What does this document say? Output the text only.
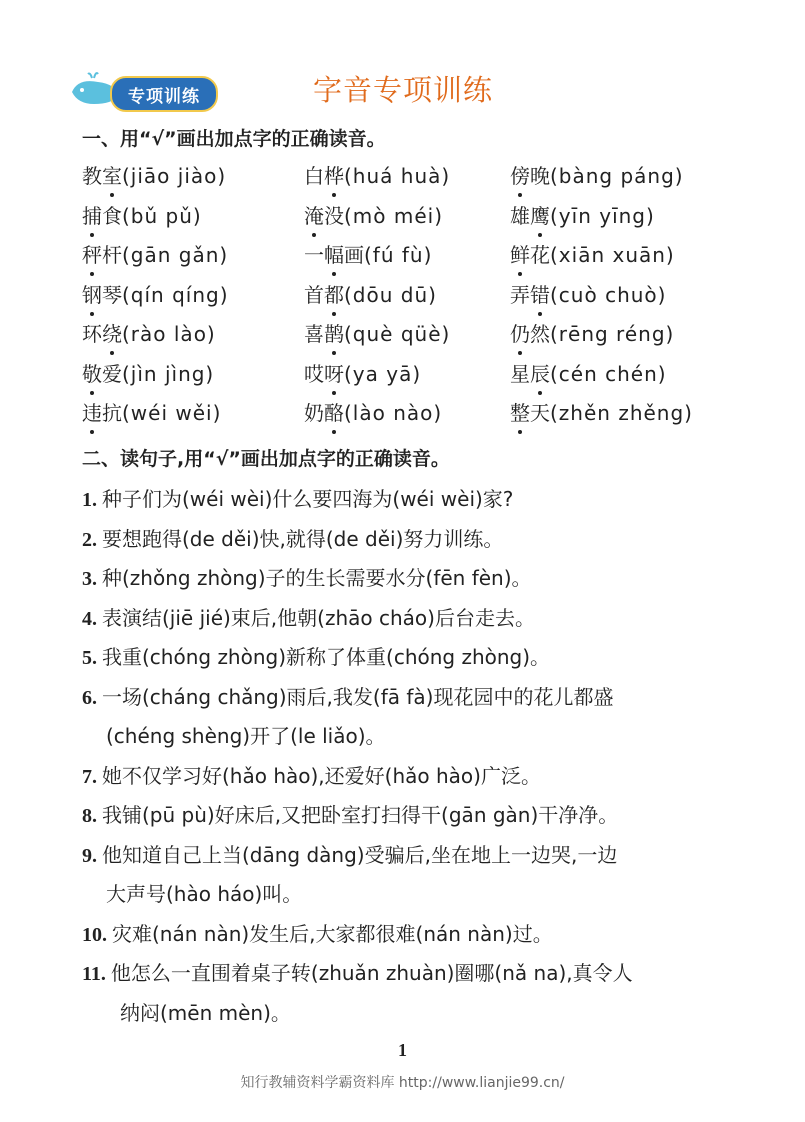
专项训练	字音专项训练
一、用“√”画出加点字的正确读音。
教室(jiāo jiào)	白桦(huá huà)	傍晚(bàng páng)
捕食(bǔ pǔ)	淹没(mò méi)	雄鹰(yīn yīng)
秤杆(gān gǎn)	一幅画(fú fù)	鲜花(xiān xuān)
钢琴(qín qíng)	首都(dōu dū)	弄错(cuò chuò)
环绕(rào lào)	喜鹊(què qüè)	仍然(rēng réng)
敬爱(jìn jìng)	哎呀(ya yā)	星辰(cén chén)
违抗(wéi wěi)	奶酪(lào nào)	整天(zhěn zhěng)
二、读句子,用“√”画出加点字的正确读音。
1. 种子们为(wéi wèi)什么要四海为(wéi wèi)家?
2. 要想跑得(de děi)快,就得(de děi)努力训练。
3. 种(zhǒng zhòng)子的生长需要水分(fēn fèn)。
4. 表演结(jiē jié)束后,他朝(zhāo cháo)后台走去。
5. 我重(chóng zhòng)新称了体重(chóng zhòng)。
6. 一场(cháng chǎng)雨后,我发(fā fà)现花园中的花儿都盛
(chéng shèng)开了(le liǎo)。
7. 她不仅学习好(hǎo hào),还爱好(hǎo hào)广泛。
8. 我铺(pū pù)好床后,又把卧室打扫得干(gān gàn)干净净。
9. 他知道自己上当(dāng dàng)受骗后,坐在地上一边哭,一边
大声号(hào háo)叫。
10. 灾难(nán nàn)发生后,大家都很难(nán nàn)过。
11. 他怎么一直围着桌子转(zhuǎn zhuàn)圈哪(nǎ na),真令人
纳闷(mēn mèn)。
1
知行教辅资料学霸资料库 http://www.lianjie99.cn/
